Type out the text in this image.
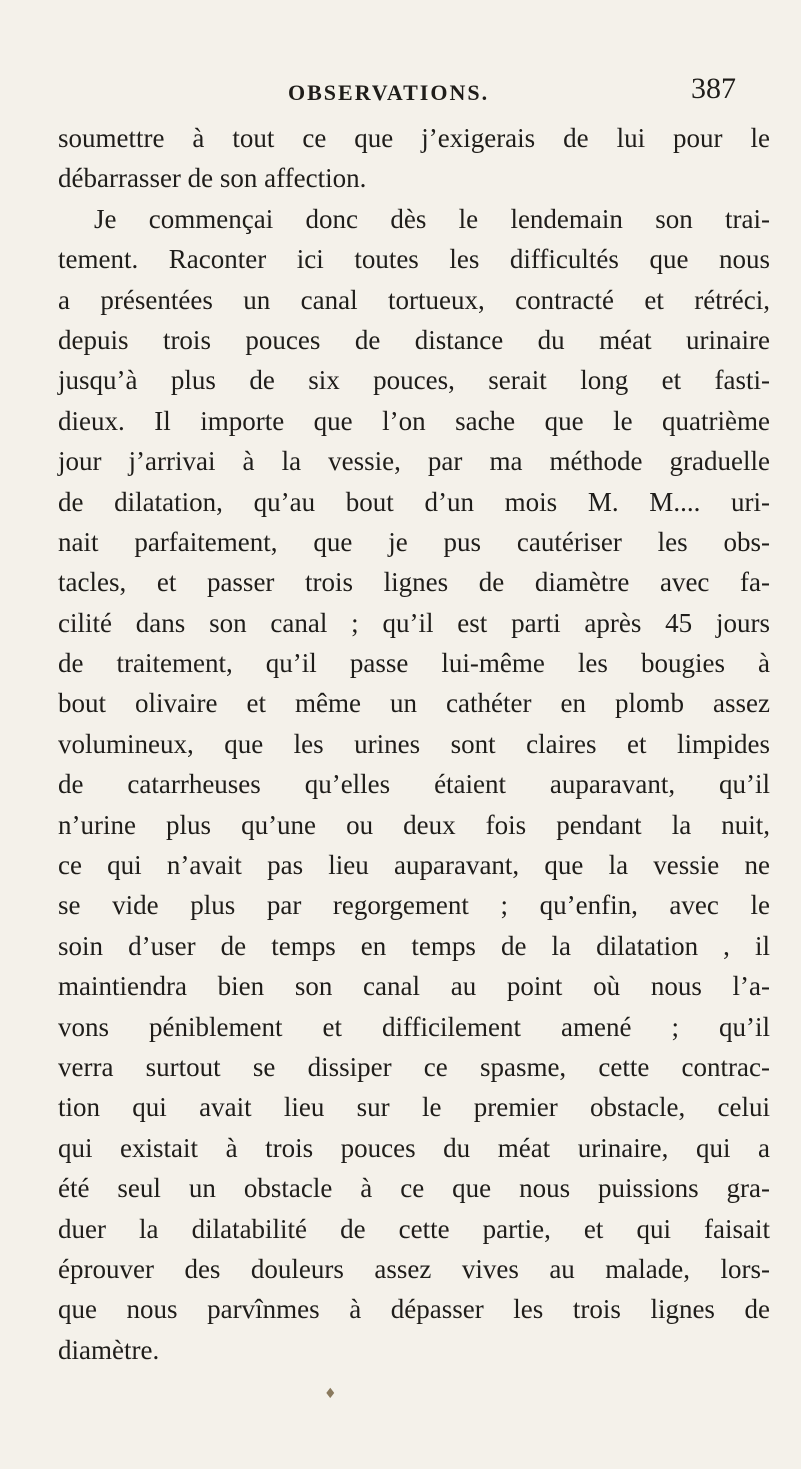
OBSERVATIONS.	387
soumettre à tout ce que j’exigerais de lui pour le
débarrasser de son affection.
Je commençai donc dès le lendemain son trai-
tement. Raconter ici toutes les difficultés que nous
a présentées un canal tortueux, contracté et rétréci,
depuis trois pouces de distance du méat urinaire
jusqu’à plus de six pouces, serait long et fasti-
dieux. Il importe que l’on sache que le quatrième
jour j’arrivai à la vessie, par ma méthode graduelle
de dilatation, qu’au bout d’un mois M. M.... uri-
nait parfaitement, que je pus cautériser les obs-
tacles, et passer trois lignes de diamètre avec fa-
cilité dans son canal ; qu’il est parti après 45 jours
de traitement, qu’il passe lui-même les bougies à
bout olivaire et même un cathéter en plomb assez
volumineux, que les urines sont claires et limpides
de catarrheuses qu’elles étaient auparavant, qu’il
n’urine plus qu’une ou deux fois pendant la nuit,
ce qui n’avait pas lieu auparavant, que la vessie ne
se vide plus par regorgement ; qu’enfin, avec le
soin d’user de temps en temps de la dilatation , il
maintiendra bien son canal au point où nous l’a-
vons péniblement et difficilement amené ; qu’il
verra surtout se dissiper ce spasme, cette contrac-
tion qui avait lieu sur le premier obstacle, celui
qui existait à trois pouces du méat urinaire, qui a
été seul un obstacle à ce que nous puissions gra-
duer la dilatabilité de cette partie, et qui faisait
éprouver des douleurs assez vives au malade, lors-
que nous parvînmes à dépasser les trois lignes de
diamètre.
♦
